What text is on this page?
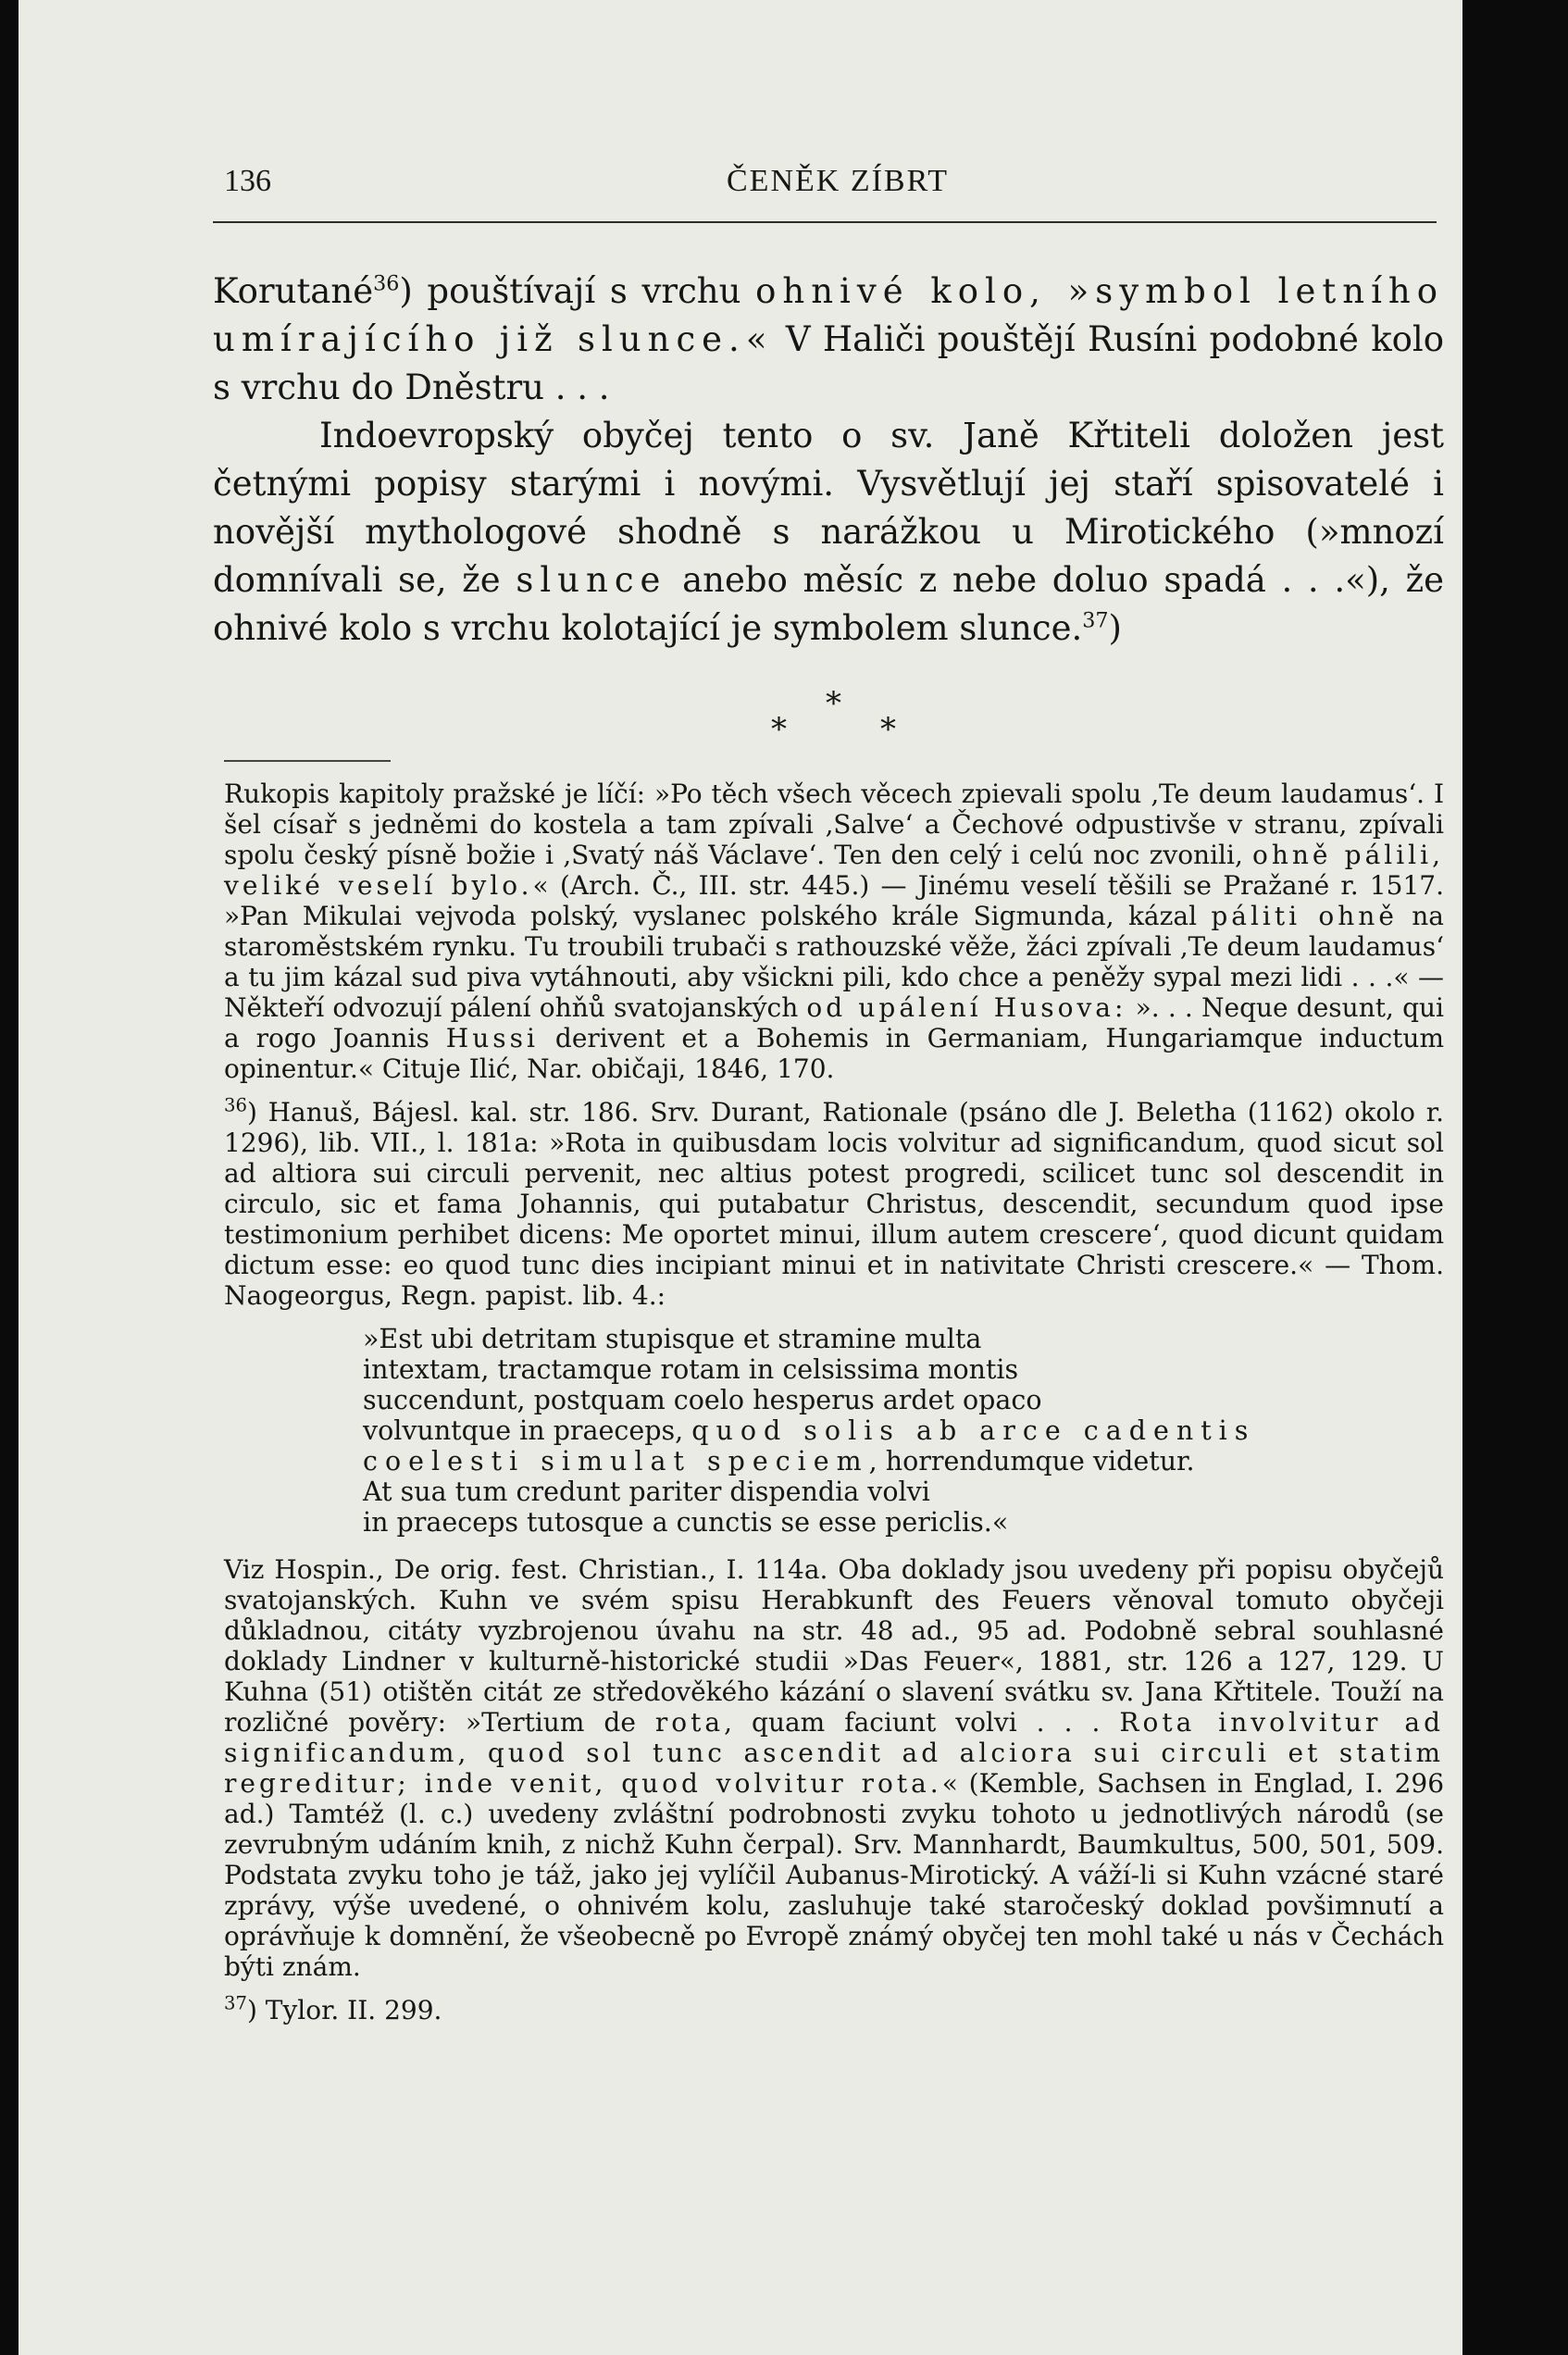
136	ČENĚK ZÍBRT

Korutané$^{36}$) pouštívají s vrchu ohnivé kolo, »symbol letního umírajícího již slunce.« V Haliči pouštějí Rusíni podobné kolo s vrchu do Dněstru . . .

Indoevropský obyčej tento o sv. Janě Křtiteli doložen jest četnými popisy starými i novými. Vysvětlují jej staří spisovatelé i novější mythologové shodně s narážkou u Mirotického (»mnozí domnívali se, že slunce anebo měsíc z nebe doluo spadá . . .«), že ohnivé kolo s vrchu kolotající je symbolem slunce.$^{37}$)

*
*	*

Rukopis kapitoly pražské je líčí: »Po těch všech věcech zpievali spolu ‚Te deum laudamus‘. I šel císař s jedněmi do kostela a tam zpívali ‚Salve‘ a Čechové odpustivše v stranu, zpívali spolu český písně božie i ‚Svatý náš Václave‘. Ten den celý i celú noc zvonili, ohně pálili, veliké veselí bylo.« (Arch. Č., III. str. 445.) — Jinému veselí těšili se Pražané r. 1517. »Pan Mikulai vejvoda polský, vyslanec polského krále Sigmunda, kázal páliti ohně na staroměstském rynku. Tu troubili trubači s rathouzské věže, žáci zpívali ‚Te deum laudamus‘ a tu jim kázal sud piva vytáhnouti, aby všickni pili, kdo chce a peněžy sypal mezi lidi . . .« — Někteří odvozují pálení ohňů svatojanských od upálení Husova: ». . . Neque desunt, qui a rogo Joannis Hussi derivent et a Bohemis in Germaniam, Hungariamque inductum opinentur.« Cituje Ilić, Nar. običaji, 1846, 170.

$^{36}$) Hanuš, Bájesl. kal. str. 186. Srv. Durant, Rationale (psáno dle J. Beletha (1162) okolo r. 1296), lib. VII., l. 181a: »Rota in quibusdam locis volvitur ad significandum, quod sicut sol ad altiora sui circuli pervenit, nec altius potest progredi, scilicet tunc sol descendit in circulo, sic et fama Johannis, qui putabatur Christus, descendit, secundum quod ipse testimonium perhibet dicens: Me oportet minui, illum autem crescere‘, quod dicunt quidam dictum esse: eo quod tunc dies incipiant minui et in nativitate Christi crescere.« — Thom. Naogeorgus, Regn. papist. lib. 4.:

»Est ubi detritam stupisque et stramine multa
intextam, tractamque rotam in celsissima montis
succendunt, postquam coelo hesperus ardet opaco
volvuntque in praeceps, quod solis ab arce cadentis
coelesti simulat speciem, horrendumque videtur.
At sua tum credunt pariter dispendia volvi
in praeceps tutosque a cunctis se esse periclis.«

Viz Hospin., De orig. fest. Christian., I. 114a. Oba doklady jsou uvedeny při popisu obyčejů svatojanských. Kuhn ve svém spisu Herabkunft des Feuers věnoval tomuto obyčeji důkladnou, citáty vyzbrojenou úvahu na str. 48 ad., 95 ad. Podobně sebral souhlasné doklady Lindner v kulturně-historické studii »Das Feuer«, 1881, str. 126 a 127, 129. U Kuhna (51) otištěn citát ze středověkého kázání o slavení svátku sv. Jana Křtitele. Touží na rozličné pověry: »Tertium de rota, quam faciunt volvi . . . Rota involvitur ad significandum, quod sol tunc ascendit ad alciora sui circuli et statim regreditur; inde venit, quod volvitur rota.« (Kemble, Sachsen in Englad, I. 296 ad.) Tamtéž (l. c.) uvedeny zvláštní podrobnosti zvyku tohoto u jednotlivých národů (se zevrubným udáním knih, z nichž Kuhn čerpal). Srv. Mannhardt, Baumkultus, 500, 501, 509. Podstata zvyku toho je táž, jako jej vylíčil Aubanus-Mirotický. A váží-li si Kuhn vzácné staré zprávy, výše uvedené, o ohnivém kolu, zasluhuje také staročeský doklad povšimnutí a oprávňuje k domnění, že všeobecně po Evropě známý obyčej ten mohl také u nás v Čechách býti znám.

$^{37}$) Tylor. II. 299.
